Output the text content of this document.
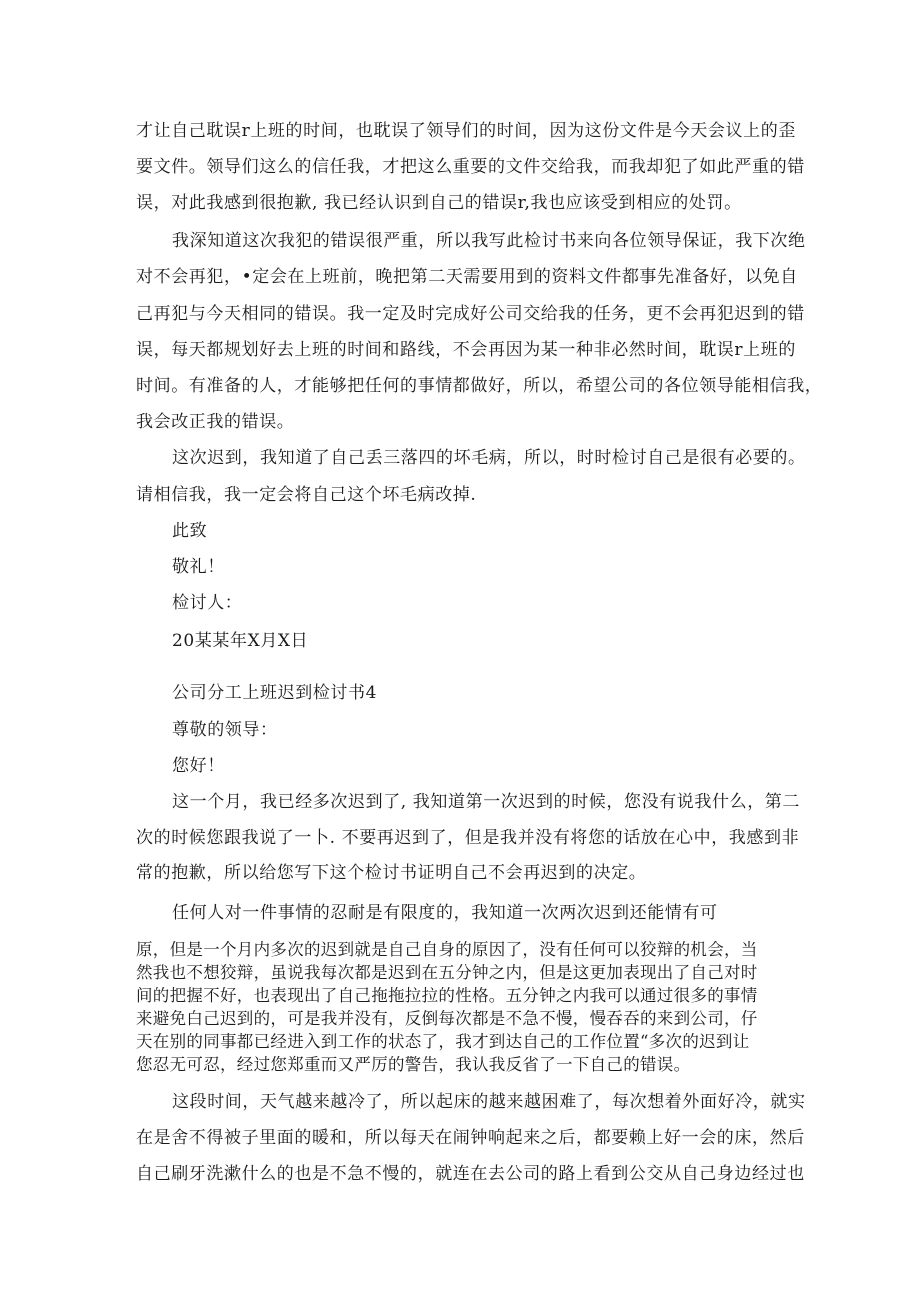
才让自己耽误r上班的时间，也耽误了领导们的时间，因为这份文件是今天会议上的歪
要文件。领导们这么的信任我，才把这么重要的文件交给我，而我却犯了如此严重的错
误，对此我感到很抱歉, 我已经认识到自己的错误r,我也应该受到相应的处罚。
我深知道这次我犯的错误很严重，所以我写此检讨书来向各位领导保证，我下次绝
对不会再犯，•定会在上班前，晚把第二天需要用到的资料文件都事先准备好，以免自
己再犯与今天相同的错误。我一定及时完成好公司交给我的任务，更不会再犯迟到的错
误，每天都规划好去上班的时间和路线，不会再因为某一种非必然时间，耽误r上班的
时间。有准备的人，才能够把任何的事情都做好，所以，希望公司的各位领导能相信我，
我会改正我的错误。
这次迟到，我知道了自己丢三落四的坏毛病，所以，时时检讨自己是很有必要的。
请相信我，我一定会将自己这个坏毛病改掉.
此致
敬礼！
检讨人：
20某某年X月X日
公司分工上班迟到检讨书4
尊敬的领导：
您好！
这一个月，我已经多次迟到了, 我知道第一次迟到的时候，您没有说我什么，第二
次的时候您跟我说了一卜. 不要再迟到了，但是我并没有将您的话放在心中，我感到非
常的抱歉，所以给您写下这个检讨书证明自己不会再迟到的决定。
任何人对一件事情的忍耐是有限度的，我知道一次两次迟到还能情有可
原，但是一个月内多次的迟到就是自己自身的原因了，没有任何可以狡辩的机会，当
然我也不想狡辩，虽说我每次都是迟到在五分钟之内，但是这更加表现出了自己对时
间的把握不好，也表现出了自己拖拖拉拉的性格。五分钟之内我可以通过很多的事情
来避免白己迟到的，可是我并没有，反倒每次都是不急不慢，慢吞吞的来到公司，仔
天在别的同事都已经进入到工作的状态了，我才到达自己的工作位置“多次的迟到让
您忍无可忍，经过您郑重而又严厉的警告，我认我反省了一下自己的错误。
这段时间，天气越来越冷了，所以起床的越来越困难了，每次想着外面好冷，就实
在是舍不得被子里面的暖和，所以每天在闹钟响起来之后，都要赖上好一会的床，然后
自己刷牙洗漱什么的也是不急不慢的，就连在去公司的路上看到公交从自己身边经过也
